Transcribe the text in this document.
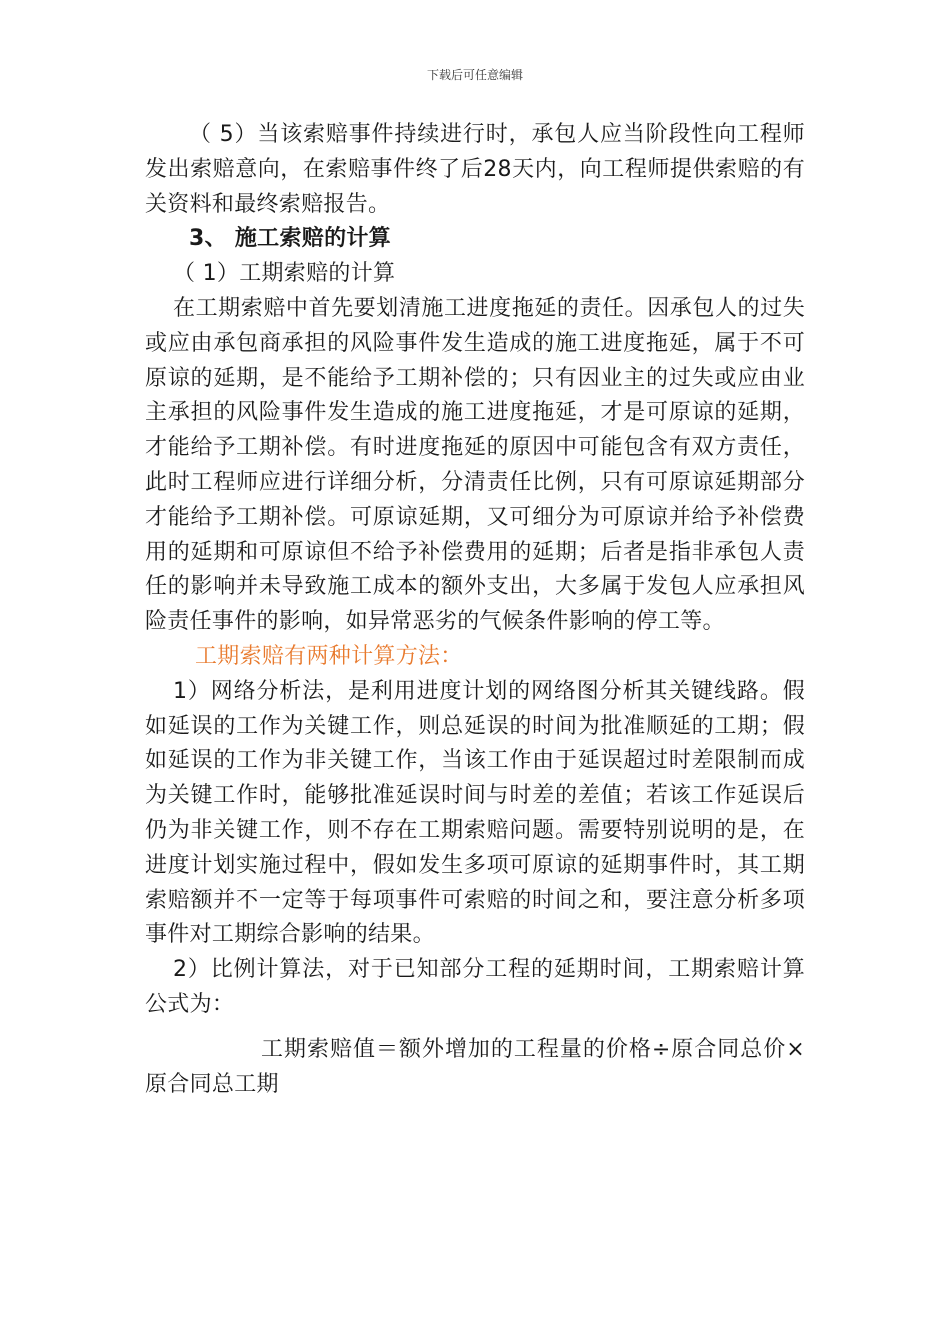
下载后可任意编辑

（ 5）当该索赔事件持续进行时，承包人应当阶段性向工程师发出索赔意向，在索赔事件终了后28天内，向工程师提供索赔的有关资料和最终索赔报告。

3、 施工索赔的计算

（ 1）工期索赔的计算

在工期索赔中首先要划清施工进度拖延的责任。因承包人的过失或应由承包商承担的风险事件发生造成的施工进度拖延，属于不可原谅的延期，是不能给予工期补偿的；只有因业主的过失或应由业主承担的风险事件发生造成的施工进度拖延，才是可原谅的延期，才能给予工期补偿。有时进度拖延的原因中可能包含有双方责任，此时工程师应进行详细分析，分清责任比例，只有可原谅延期部分才能给予工期补偿。可原谅延期，又可细分为可原谅并给予补偿费用的延期和可原谅但不给予补偿费用的延期；后者是指非承包人责任的影响并未导致施工成本的额外支出，大多属于发包人应承担风险责任事件的影响，如异常恶劣的气候条件影响的停工等。

工期索赔有两种计算方法：

1）网络分析法，是利用进度计划的网络图分析其关键线路。假如延误的工作为关键工作，则总延误的时间为批准顺延的工期；假如延误的工作为非关键工作，当该工作由于延误超过时差限制而成为关键工作时，能够批准延误时间与时差的差值；若该工作延误后仍为非关键工作，则不存在工期索赔问题。需要特别说明的是，在进度计划实施过程中，假如发生多项可原谅的延期事件时，其工期索赔额并不一定等于每项事件可索赔的时间之和，要注意分析多项事件对工期综合影响的结果。

2）比例计算法，对于已知部分工程的延期时间，工期索赔计算公式为：

工期索赔值＝额外增加的工程量的价格÷原合同总价×原合同总工期
